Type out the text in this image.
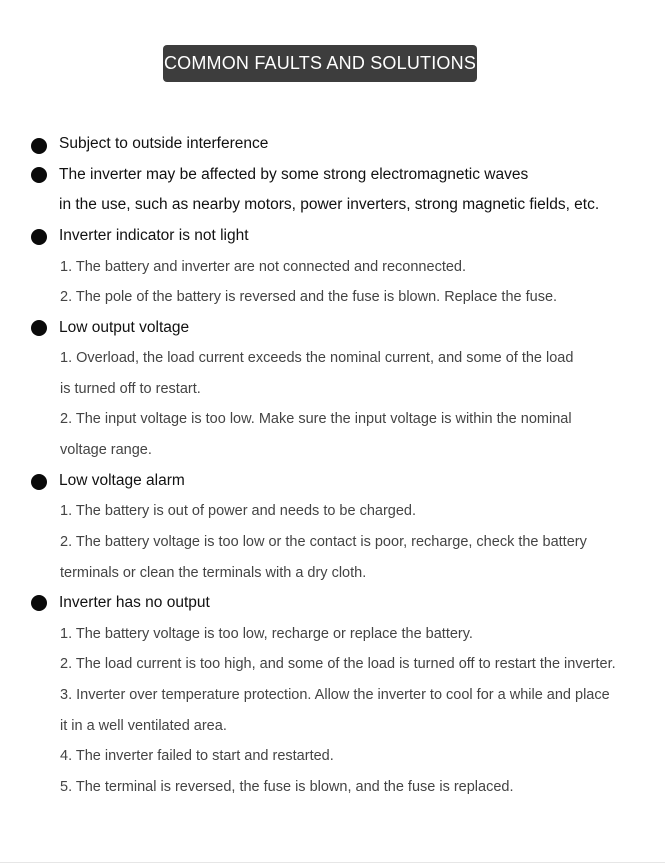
COMMON FAULTS AND SOLUTIONS
Subject to outside interference
The inverter may be affected by some strong electromagnetic waves
in the use, such as nearby motors, power inverters, strong magnetic fields, etc.
Inverter indicator is not light
1. The battery and inverter are not connected and reconnected.
2. The pole of the battery is reversed and the fuse is blown. Replace the fuse.
Low output voltage
1. Overload, the load current exceeds the nominal current, and some of the load
is turned off to restart.
2. The input voltage is too low. Make sure the input voltage is within the nominal
voltage range.
Low voltage alarm
1. The battery is out of power and needs to be charged.
2. The battery voltage is too low or the contact is poor, recharge, check the battery
terminals or clean the terminals with a dry cloth.
Inverter has no output
1. The battery voltage is too low, recharge or replace the battery.
2. The load current is too high, and some of the load is turned off to restart the inverter.
3. Inverter over temperature protection. Allow the inverter to cool for a while and place
it in a well ventilated area.
4. The inverter failed to start and restarted.
5. The terminal is reversed, the fuse is blown, and the fuse is replaced.
